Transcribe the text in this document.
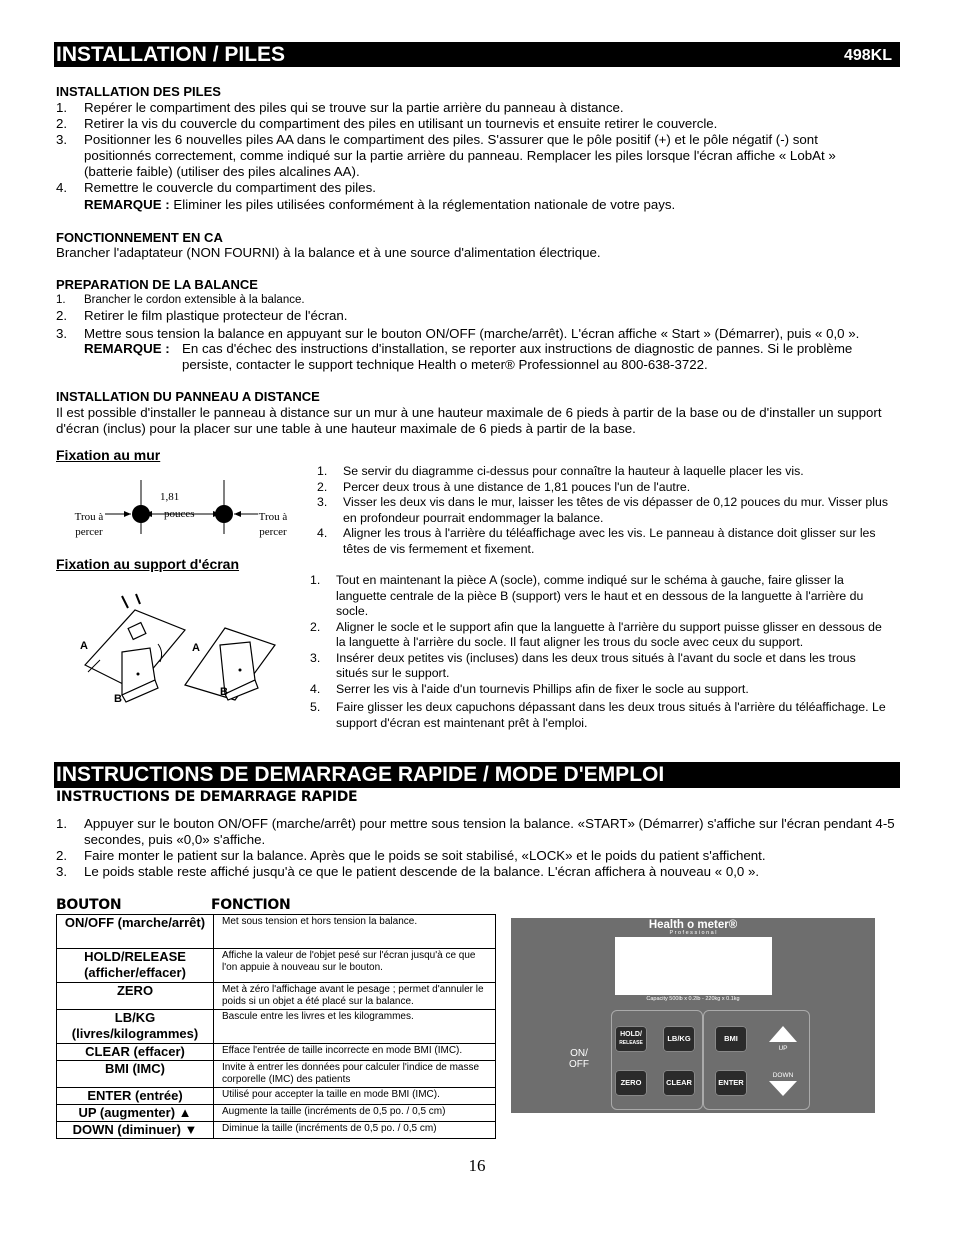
INSTALLATION / PILES	498KL
INSTALLATION DES PILES
1. Repérer le compartiment des piles qui se trouve sur la partie arrière du panneau à distance.
2. Retirer la vis du couvercle du compartiment des piles en utilisant un tournevis et ensuite retirer le couvercle.
3. Positionner les 6 nouvelles piles AA dans le compartiment des piles. S'assurer que le pôle positif (+) et le pôle négatif (-) sont positionnés correctement, comme indiqué sur la partie arrière du panneau. Remplacer les piles lorsque l'écran affiche « LobAt » (batterie faible) (utiliser des piles alcalines AA).
4. Remettre le couvercle du compartiment des piles.
REMARQUE : Eliminer les piles utilisées conformément à la réglementation nationale de votre pays.
FONCTIONNEMENT EN CA
Brancher l'adaptateur (NON FOURNI) à la balance et à une source d'alimentation électrique.
PREPARATION DE LA BALANCE
1. Brancher le cordon extensible à la balance.
2. Retirer le film plastique protecteur de l'écran.
3. Mettre sous tension la balance en appuyant sur le bouton ON/OFF (marche/arrêt). L'écran affiche « Start » (Démarrer), puis « 0,0 ».
REMARQUE : En cas d'échec des instructions d'installation, se reporter aux instructions de diagnostic de pannes. Si le problème persiste, contacter le support technique Health o meter® Professionnel au 800-638-3722.
INSTALLATION DU PANNEAU A DISTANCE
Il est possible d'installer le panneau à distance sur un mur à une hauteur maximale de 6 pieds à partir de la base ou de d'installer un support d'écran (inclus) pour la placer sur une table à une hauteur maximale de 6 pieds à partir de la base.
Fixation au mur
Trou à percer
Trou à percer
1,81
pouces
1. Se servir du diagramme ci-dessus pour connaître la hauteur à laquelle placer les vis.
2. Percer deux trous à une distance de 1,81 pouces l'un de l'autre.
3. Visser les deux vis dans le mur, laisser les têtes de vis dépasser de 0,12 pouces du mur. Visser plus en profondeur pourrait endommager la balance.
4. Aligner les trous à l'arrière du téléaffichage avec les vis. Le panneau à distance doit glisser sur les têtes de vis fermement et fixement.
Fixation au support d'écran
A
B
A
B
1. Tout en maintenant la pièce A (socle), comme indiqué sur le schéma à gauche, faire glisser la languette centrale de la pièce B (support) vers le haut et en dessous de la languette à l'arrière du socle.
2. Aligner le socle et le support afin que la languette à l'arrière du support puisse glisser en dessous de la languette à l'arrière du socle. Il faut aligner les trous du socle avec ceux du support.
3. Insérer deux petites vis (incluses) dans les deux trous situés à l'avant du socle et dans les trous situés sur le support.
4. Serrer les vis à l'aide d'un tournevis Phillips afin de fixer le socle au support.
5. Faire glisser les deux capuchons dépassant dans les deux trous situés à l'arrière du téléaffichage. Le support d'écran est maintenant prêt à l'emploi.
INSTRUCTIONS DE DEMARRAGE RAPIDE / MODE D'EMPLOI
INSTRUCTIONS DE DEMARRAGE RAPIDE
1. Appuyer sur le bouton ON/OFF (marche/arrêt) pour mettre sous tension la balance. «START» (Démarrer) s'affiche sur l'écran pendant 4-5 secondes, puis «0,0» s'affiche.
2. Faire monter le patient sur la balance. Après que le poids se soit stabilisé, «LOCK» et le poids du patient s'affichent.
3. Le poids stable reste affiché jusqu'à ce que le patient descende de la balance. L'écran affichera à nouveau « 0,0 ».
BOUTON	FONCTION
ON/OFF (marche/arrêt)	Met sous tension et hors tension la balance.
HOLD/RELEASE (afficher/effacer)	Affiche la valeur de l'objet pesé sur l'écran jusqu'à ce que l'on appuie à nouveau sur le bouton.
ZERO	Met à zéro l'affichage avant le pesage ; permet d'annuler le poids si un objet a été placé sur la balance.
LB/KG (livres/kilogrammes)	Bascule entre les livres et les kilogrammes.
CLEAR (effacer)	Efface l'entrée de taille incorrecte en mode BMI (IMC).
BMI (IMC)	Invite à entrer les données pour calculer l'indice de masse corporelle (IMC) des patients
ENTER (entrée)	Utilisé pour accepter la taille en mode BMI (IMC).
UP (augmenter) ▲	Augmente la taille (incréments de 0,5 po. / 0,5 cm)
DOWN (diminuer) ▼	Diminue la taille (incréments de 0,5 po. / 0,5 cm)
Health o meter®
P r o f e s s i o n a l
Capacity 500lb x 0.2lb - 220kg x 0.1kg
ON/ OFF
HOLD/
RELEASE	LB/KG	BMI
UP
ZERO	CLEAR	ENTER
DOWN
16
